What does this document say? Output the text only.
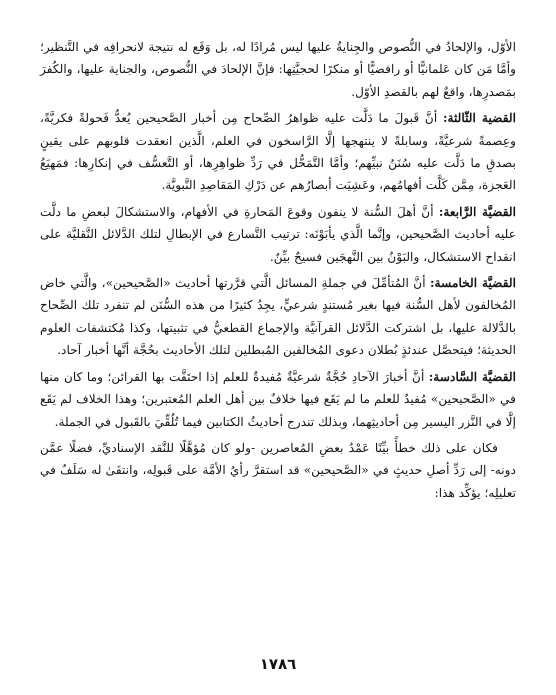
الأوّل، والإلحادُ في النُّصوص والجِنايةُ عليها ليس مُرادًا له، بل وَقَع له نتيجة لانحرافِه في التَّنظير؛ وأمَّا مَن كان عَلمانيًّا أو رافضيًّا أو منكرًا لحجيَّتِها: فإنَّ الإلحادَ في النُّصوص، والجناية عليها، والكُفرَ بمَصدرِها، واقعٌ لهم بالقصدِ الأوّل.

القضية الثّالثة: أنَّ قَبولَ ما دَلَّت عليه ظواهرُ الصِّحاح مِن أخبار الصَّحيحين يُعدُّ فَحولةً فكريَّةً، وعِصمةً شرعيَّةً، وسابلةً لا ينتهجها إلَّا الرَّاسخون في العلم، الَّذين انعقدت قلوبهم على يقينٍ بصدقِ ما دَلَّت عليه سُنَنُ نبيِّهم؛ وأمَّا التَّمَحُّل في رَدِّ ظواهِرِها، أو التَّعسُّف في إنكارِها: فمَهيَعُ العَجزة، مِمَّن كَلَّت أفهامُهم، وعَشِيَت أبصارُهم عن دَرْكِ المَقاصِدِ النَّبويَّة.

القضيَّة الرَّابعة: أنَّ أهلَ السُّنة لا ينفون وقوعَ المَحارةِ في الأفهام، والاستشكالَ لبعضِ ما دلَّت عليه أحاديث الصَّحيحين، وإنَّما الَّذي يأبَوْنَه: ترتيب التَّسارع في الإبطالِ لتلك الدَّلائل النَّقليَّة على انقداح الاستشكال، والبَوْنُ بين النَّهجَين فسيحٌ بيِّنٌ.

القضيَّة الخامسة: أنَّ المُتأمِّلَ في جملةِ المسائل الَّتي قرَّرتها أحاديث «الصَّحيحين»، والَّتي خاض المُخالفون لأهل السُّنة فيها بغير مُستندٍ شرعيٍّ، يجِدُ كثيرًا من هذه السُّنَن لم تنفرد تلك الصِّحاح بالدَّلالة عليها، بل اشتركت الدَّلائل القرآنيَّة والإجماع القطعيُّ في تثبيتها، وكذا مُكتشفات العلوم الحديثة؛ فيتحصَّل عندئذٍ بُطلان دعوى المُخالفين المُبطلين لتلك الأحاديث بحُجَّة أنَّها أخبار آحاد.

القضيَّة السَّادسة: أنَّ أخبارَ الآحادِ حُجَّةٌ شرعيَّةٌ مُفيدةٌ للعلم إذا احتَفَّت بها القرائن؛ وما كان منها في «الصَّحيحين» مُفيدٌ للعلم ما لم يَقَع فيها خلافٌ بين أهل العلم المُعتبرين؛ وهذا الخلاف لم يَقَع إلَّا في النَّزر اليسير مِن أحاديثِهما، وبذلك تندرج أحاديثُ الكتابين فيما تُلُقِّيَ بالقَبول في الجملة.

فكان على ذلك خطأً بيِّنًا عَمْدُ بعضِ المُعاصرين -ولو كان مُؤهَّلًا للنَّقد الإسناديِّ، فضلًا عمَّن دونه- إلى رَدِّ أصلِ حديثٍ في «الصَّحيحين» قد استقرَّ رأيُ الأمَّة على قَبولِه، وانتفَىٰ له سَلَفٌ في تعليلِه؛ يؤكِّد هذا:

١٧٨٦
